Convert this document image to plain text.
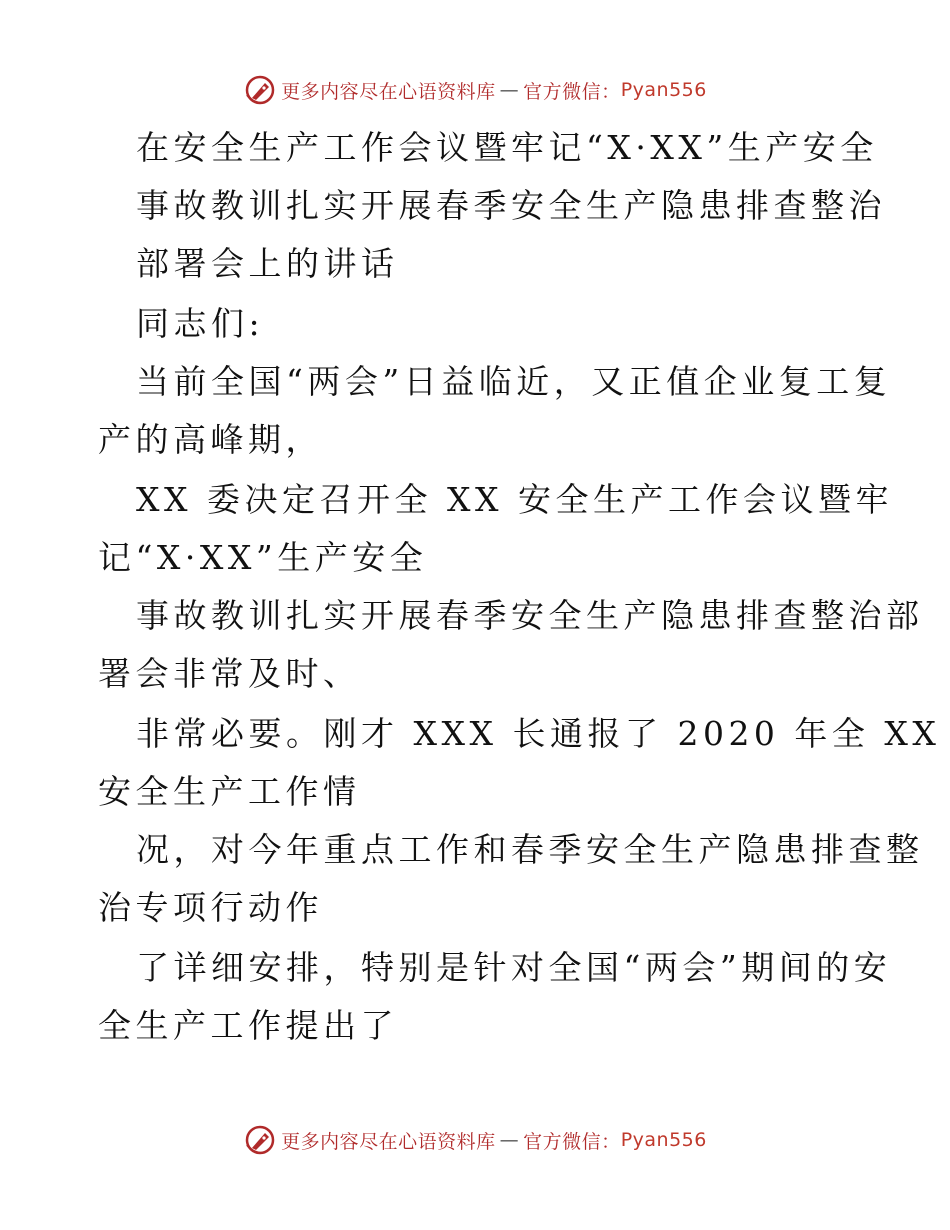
更多内容尽在心语资料库 — 官方微信： Pyan556
在安全生产工作会议暨牢记“X·XX”生产安全
事故教训扎实开展春季安全生产隐患排查整治
部署会上的讲话
同志们:
当前全国“两会”日益临近，又正值企业复工复
产的高峰期，
XX 委决定召开全 XX 安全生产工作会议暨牢
记“X·XX”生产安全
事故教训扎实开展春季安全生产隐患排查整治部
署会非常及时、
非常必要。刚才 XXX 长通报了 2020 年全 XX
安全生产工作情
况，对今年重点工作和春季安全生产隐患排查整
治专项行动作
了详细安排，特别是针对全国“两会”期间的安
全生产工作提出了
更多内容尽在心语资料库 — 官方微信： Pyan556
